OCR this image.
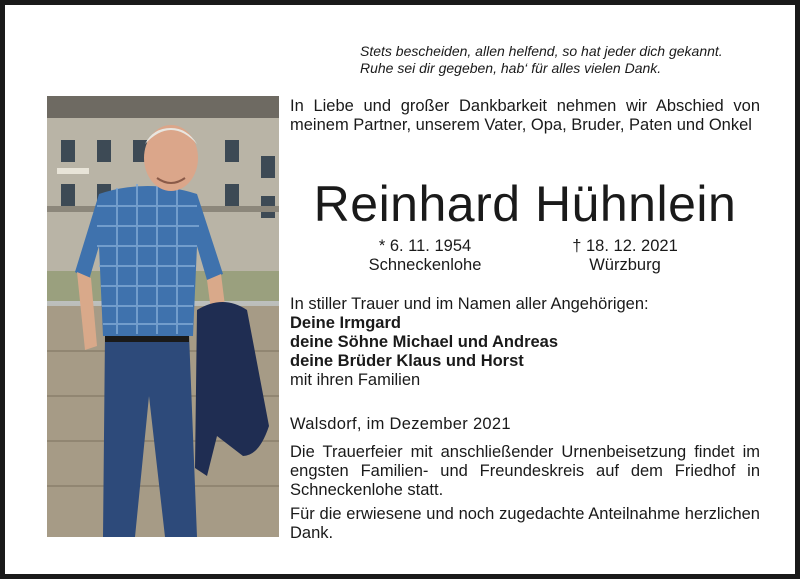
Stets bescheiden, allen helfend, so hat jeder dich gekannt.
Ruhe sei dir gegeben, hab‘ für alles vielen Dank.
In Liebe und großer Dankbarkeit nehmen wir Abschied von meinem Partner, unserem Vater, Opa, Bruder, Paten und Onkel
Reinhard Hühnlein
* 6. 11. 1954
Schneckenlohe
† 18. 12. 2021
Würzburg
In stiller Trauer und im Namen aller Angehörigen:
Deine Irmgard
deine Söhne Michael und Andreas
deine Brüder Klaus und Horst
mit ihren Familien
Walsdorf, im Dezember 2021
Die Trauerfeier mit anschließender Urnenbeisetzung findet im engsten Familien- und Freundeskreis auf dem Friedhof in Schneckenlohe statt.
Für die erwiesene und noch zugedachte Anteilnahme herzlichen Dank.
